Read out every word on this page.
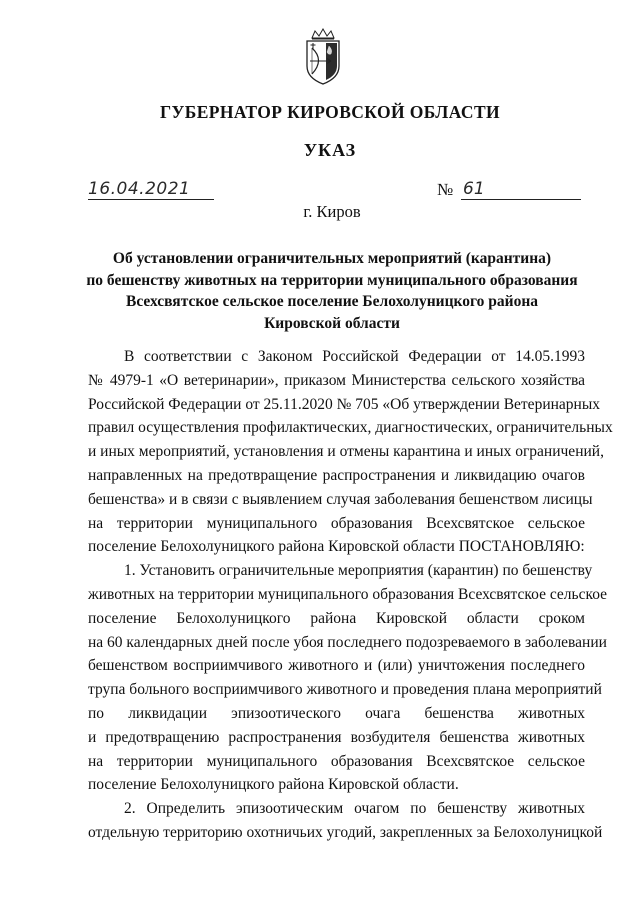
ГУБЕРНАТОР КИРОВСКОЙ ОБЛАСТИ
УКАЗ
16.04.2021	№ 61
г. Киров
Об установлении ограничительных мероприятий (карантина)
по бешенству животных на территории муниципального образования
Всехсвятское сельское поселение Белохолуницкого района
Кировской области
В соответствии с Законом Российской Федерации от 14.05.1993
№ 4979-1 «О ветеринарии», приказом Министерства сельского хозяйства
Российской Федерации от 25.11.2020 № 705 «Об утверждении Ветеринарных
правил осуществления профилактических, диагностических, ограничительных
и иных мероприятий, установления и отмены карантина и иных ограничений,
направленных на предотвращение распространения и ликвидацию очагов
бешенства» и в связи с выявлением случая заболевания бешенством лисицы
на территории муниципального образования Всехсвятское сельское
поселение Белохолуницкого района Кировской области ПОСТАНОВЛЯЮ:
1. Установить ограничительные мероприятия (карантин) по бешенству
животных на территории муниципального образования Всехсвятское сельское
поселение Белохолуницкого района Кировской области сроком
на 60 календарных дней после убоя последнего подозреваемого в заболевании
бешенством восприимчивого животного и (или) уничтожения последнего
трупа больного восприимчивого животного и проведения плана мероприятий
по ликвидации эпизоотического очага бешенства животных
и предотвращению распространения возбудителя бешенства животных
на территории муниципального образования Всехсвятское сельское
поселение Белохолуницкого района Кировской области.
2. Определить эпизоотическим очагом по бешенству животных
отдельную территорию охотничьих угодий, закрепленных за Белохолуницкой
